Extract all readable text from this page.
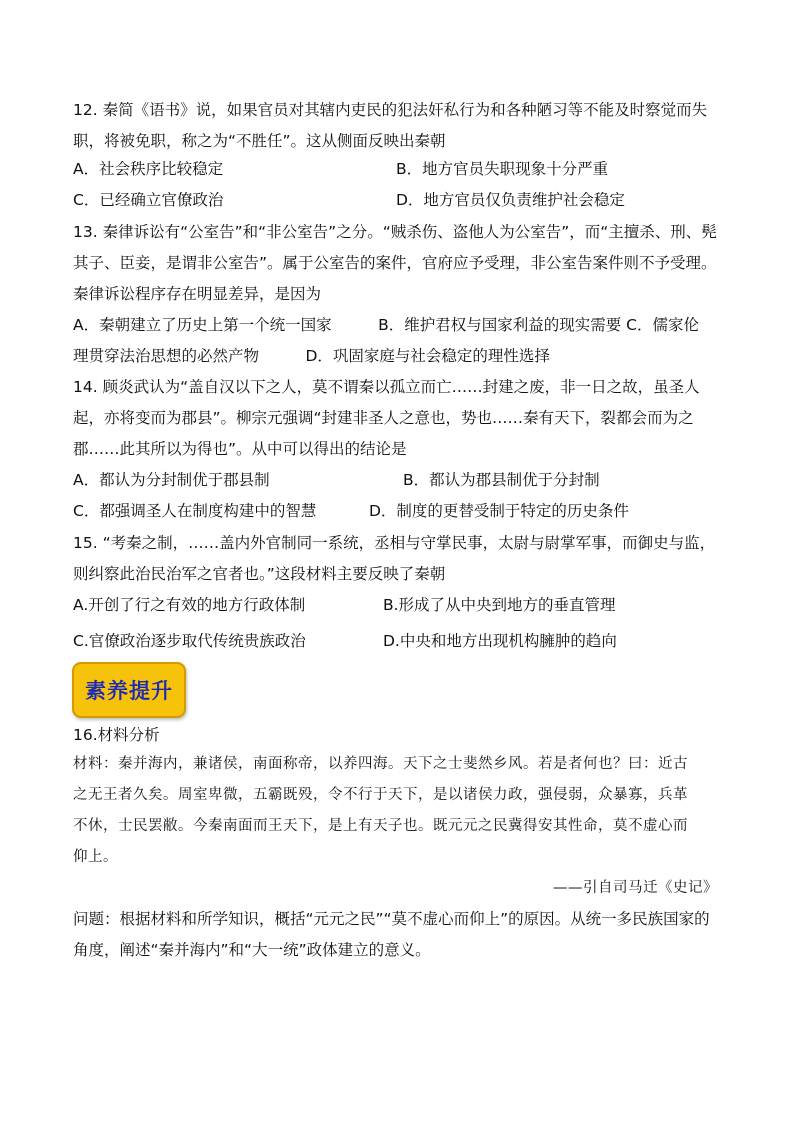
12. 秦简《语书》说，如果官员对其辖内吏民的犯法奸私行为和各种陋习等不能及时察觉而失
职，将被免职，称之为“不胜任”。这从侧面反映出秦朝
A．社会秩序比较稳定	B．地方官员失职现象十分严重
C．已经确立官僚政治	D．地方官员仅负责维护社会稳定
13. 秦律诉讼有“公室告”和“非公室告”之分。“贼杀伤、盗他人为公室告”，而“主擅杀、刑、髡
其子、臣妾，是谓非公室告”。属于公室告的案件，官府应予受理，非公室告案件则不予受理。
秦律诉讼程序存在明显差异，是因为
A．秦朝建立了历史上第一个统一国家　　　B．维护君权与国家利益的现实需要 C．儒家伦
理贯穿法治思想的必然产物　　　D．巩固家庭与社会稳定的理性选择
14. 顾炎武认为“盖自汉以下之人，莫不谓秦以孤立而亡……封建之废，非一日之故，虽圣人
起，亦将变而为郡县”。柳宗元强调“封建非圣人之意也，势也……秦有天下，裂都会而为之
郡……此其所以为得也”。从中可以得出的结论是
A．都认为分封制优于郡县制	B．都认为郡县制优于分封制
C．都强调圣人在制度构建中的智慧	D．制度的更替受制于特定的历史条件
15. “考秦之制，……盖内外官制同一系统，丞相与守掌民事，太尉与尉掌军事，而御史与监，
则纠察此治民治军之官者也。”这段材料主要反映了秦朝
A.开创了行之有效的地方行政体制	B.形成了从中央到地方的垂直管理
C.官僚政治逐步取代传统贵族政治	D.中央和地方出现机构臃肿的趋向
素养提升
16.材料分析
材料：秦并海内，兼诸侯，南面称帝，以养四海。天下之士斐然乡风。若是者何也？曰：近古
之无王者久矣。周室卑微，五霸既殁，令不行于天下，是以诸侯力政，强侵弱，众暴寡，兵革
不休，士民罢敝。今秦南面而王天下，是上有天子也。既元元之民冀得安其性命，莫不虚心而
仰上。
——引自司马迁《史记》
问题：根据材料和所学知识，概括“元元之民”“莫不虚心而仰上”的原因。从统一多民族国家的
角度，阐述“秦并海内”和“大一统”政体建立的意义。
